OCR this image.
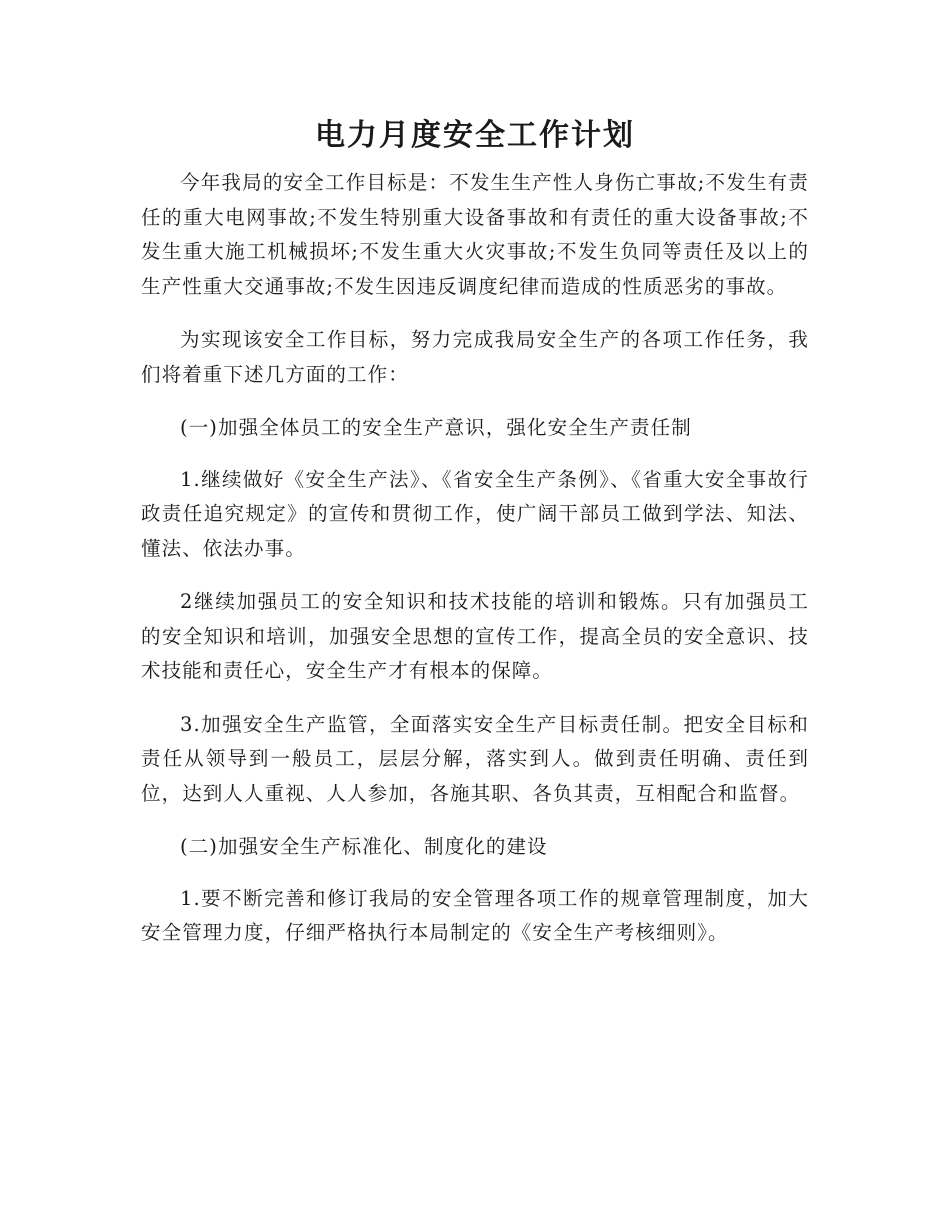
电力月度安全工作计划

今年我局的安全工作目标是：不发生生产性人身伤亡事故;不发生有责任的重大电网事故;不发生特别重大设备事故和有责任的重大设备事故;不发生重大施工机械损坏;不发生重大火灾事故;不发生负同等责任及以上的生产性重大交通事故;不发生因违反调度纪律而造成的性质恶劣的事故。

为实现该安全工作目标，努力完成我局安全生产的各项工作任务，我们将着重下述几方面的工作：

(一)加强全体员工的安全生产意识，强化安全生产责任制

1.继续做好《安全生产法》、《省安全生产条例》、《省重大安全事故行政责任追究规定》的宣传和贯彻工作，使广阔干部员工做到学法、知法、懂法、依法办事。

2继续加强员工的安全知识和技术技能的培训和锻炼。只有加强员工的安全知识和培训，加强安全思想的宣传工作，提高全员的安全意识、技术技能和责任心，安全生产才有根本的保障。

3.加强安全生产监管，全面落实安全生产目标责任制。把安全目标和责任从领导到一般员工，层层分解，落实到人。做到责任明确、责任到位，达到人人重视、人人参加，各施其职、各负其责，互相配合和监督。

(二)加强安全生产标准化、制度化的建设

1.要不断完善和修订我局的安全管理各项工作的规章管理制度，加大安全管理力度，仔细严格执行本局制定的《安全生产考核细则》。
